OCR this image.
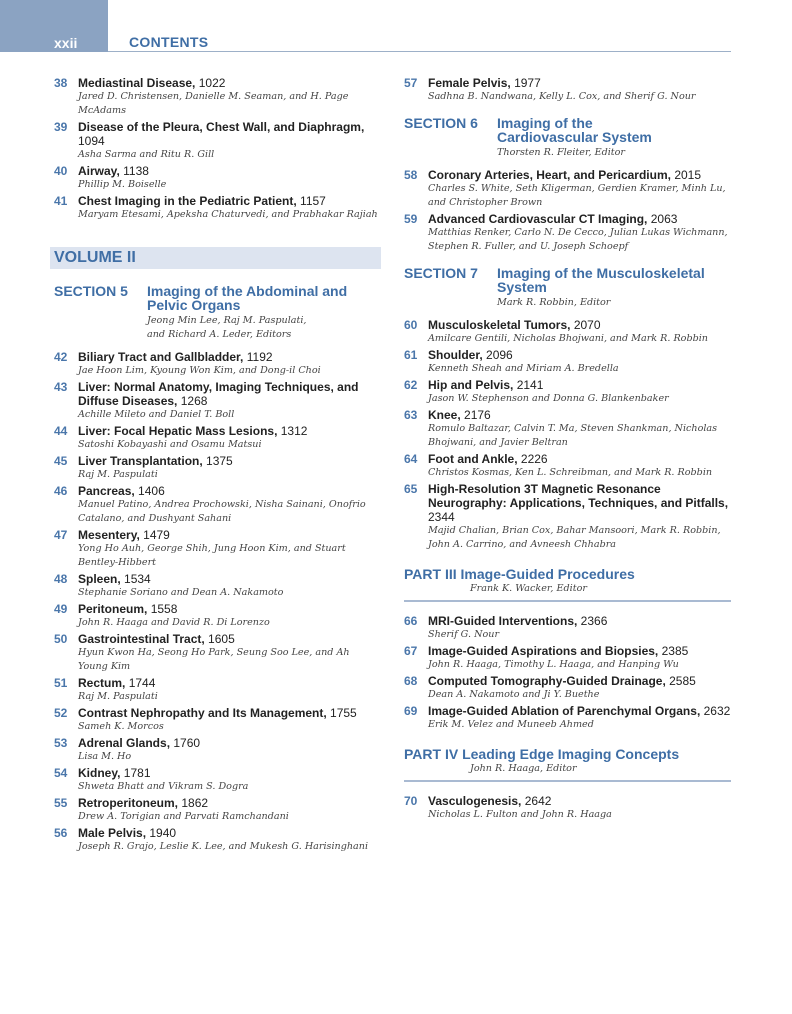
xxii	CONTENTS
38 Mediastinal Disease, 1022
Jared D. Christensen, Danielle M. Seaman, and H. Page McAdams
39 Disease of the Pleura, Chest Wall, and Diaphragm, 1094
Asha Sarma and Ritu R. Gill
40 Airway, 1138
Phillip M. Boiselle
41 Chest Imaging in the Pediatric Patient, 1157
Maryam Etesami, Apeksha Chaturvedi, and Prabhakar Rajiah
VOLUME II
SECTION 5 Imaging of the Abdominal and Pelvic Organs
Jeong Min Lee, Raj M. Paspulati, and Richard A. Leder, Editors
42 Biliary Tract and Gallbladder, 1192
Jae Hoon Lim, Kyoung Won Kim, and Dong-il Choi
43 Liver: Normal Anatomy, Imaging Techniques, and Diffuse Diseases, 1268
Achille Mileto and Daniel T. Boll
44 Liver: Focal Hepatic Mass Lesions, 1312
Satoshi Kobayashi and Osamu Matsui
45 Liver Transplantation, 1375
Raj M. Paspulati
46 Pancreas, 1406
Manuel Patino, Andrea Prochowski, Nisha Sainani, Onofrio Catalano, and Dushyant Sahani
47 Mesentery, 1479
Yong Ho Auh, George Shih, Jung Hoon Kim, and Stuart Bentley-Hibbert
48 Spleen, 1534
Stephanie Soriano and Dean A. Nakamoto
49 Peritoneum, 1558
John R. Haaga and David R. Di Lorenzo
50 Gastrointestinal Tract, 1605
Hyun Kwon Ha, Seong Ho Park, Seung Soo Lee, and Ah Young Kim
51 Rectum, 1744
Raj M. Paspulati
52 Contrast Nephropathy and Its Management, 1755
Sameh K. Morcos
53 Adrenal Glands, 1760
Lisa M. Ho
54 Kidney, 1781
Shweta Bhatt and Vikram S. Dogra
55 Retroperitoneum, 1862
Drew A. Torigian and Parvati Ramchandani
56 Male Pelvis, 1940
Joseph R. Grajo, Leslie K. Lee, and Mukesh G. Harisinghani
57 Female Pelvis, 1977
Sadhna B. Nandwana, Kelly L. Cox, and Sherif G. Nour
SECTION 6 Imaging of the Cardiovascular System
Thorsten R. Fleiter, Editor
58 Coronary Arteries, Heart, and Pericardium, 2015
Charles S. White, Seth Kligerman, Gerdien Kramer, Minh Lu, and Christopher Brown
59 Advanced Cardiovascular CT Imaging, 2063
Matthias Renker, Carlo N. De Cecco, Julian Lukas Wichmann, Stephen R. Fuller, and U. Joseph Schoepf
SECTION 7 Imaging of the Musculoskeletal System
Mark R. Robbin, Editor
60 Musculoskeletal Tumors, 2070
Amilcare Gentili, Nicholas Bhojwani, and Mark R. Robbin
61 Shoulder, 2096
Kenneth Sheah and Miriam A. Bredella
62 Hip and Pelvis, 2141
Jason W. Stephenson and Donna G. Blankenbaker
63 Knee, 2176
Romulo Baltazar, Calvin T. Ma, Steven Shankman, Nicholas Bhojwani, and Javier Beltran
64 Foot and Ankle, 2226
Christos Kosmas, Ken L. Schreibman, and Mark R. Robbin
65 High-Resolution 3T Magnetic Resonance Neurography: Applications, Techniques, and Pitfalls, 2344
Majid Chalian, Brian Cox, Bahar Mansoori, Mark R. Robbin, John A. Carrino, and Avneesh Chhabra
PART III Image-Guided Procedures
Frank K. Wacker, Editor
66 MRI-Guided Interventions, 2366
Sherif G. Nour
67 Image-Guided Aspirations and Biopsies, 2385
John R. Haaga, Timothy L. Haaga, and Hanping Wu
68 Computed Tomography-Guided Drainage, 2585
Dean A. Nakamoto and Ji Y. Buethe
69 Image-Guided Ablation of Parenchymal Organs, 2632
Erik M. Velez and Muneeb Ahmed
PART IV Leading Edge Imaging Concepts
John R. Haaga, Editor
70 Vasculogenesis, 2642
Nicholas L. Fulton and John R. Haaga
